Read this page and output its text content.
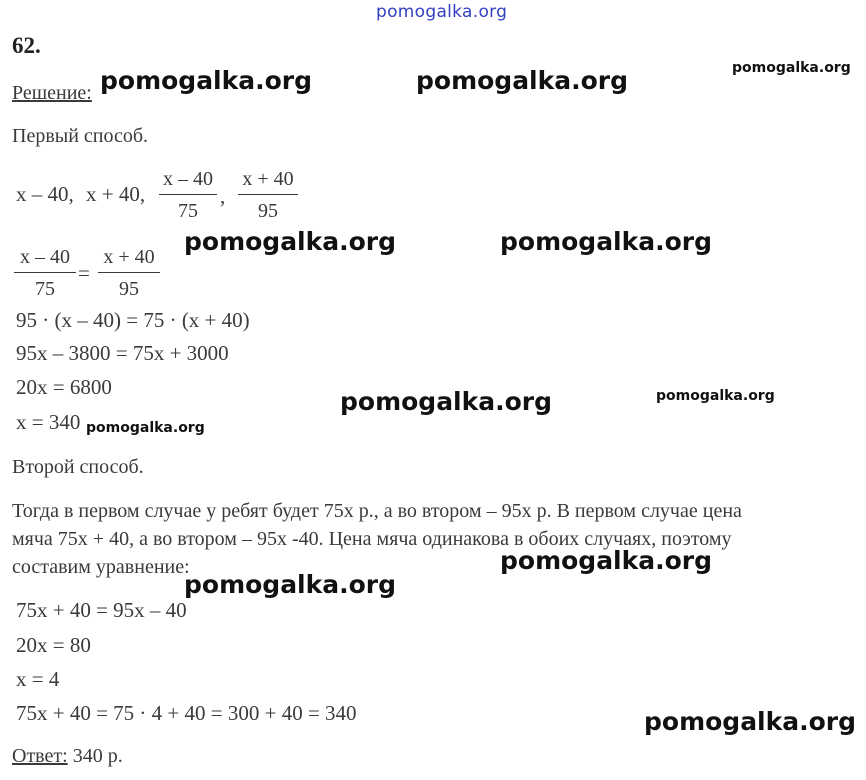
pomogalka.org
62.
Решение: pomogalka.org	pomogalka.org	pomogalka.org
Первый способ.
x – 40, x + 40,
x – 40
75
,
x + 40
95
pomogalka.org	pomogalka.org
x – 40
75
=
x + 40
95
95 · (x – 40) = 75 · (x + 40)
95x – 3800 = 75x + 3000
20x = 6800
x = 340
pomogalka.org	pomogalka.org
pomogalka.org
Второй способ.
Тогда в первом случае у ребят будет 75x р., а во втором – 95x р. В первом случае цена
мяча 75x + 40, а во втором – 95x -40. Цена мяча одинакова в обоих случаях, поэтому
составим уравнение:	pomogalka.org
pomogalka.org
75x + 40 = 95x – 40
20x = 80
x = 4
75x + 40 = 75 · 4 + 40 = 300 + 40 = 340	pomogalka.org
Ответ: 340 р.
